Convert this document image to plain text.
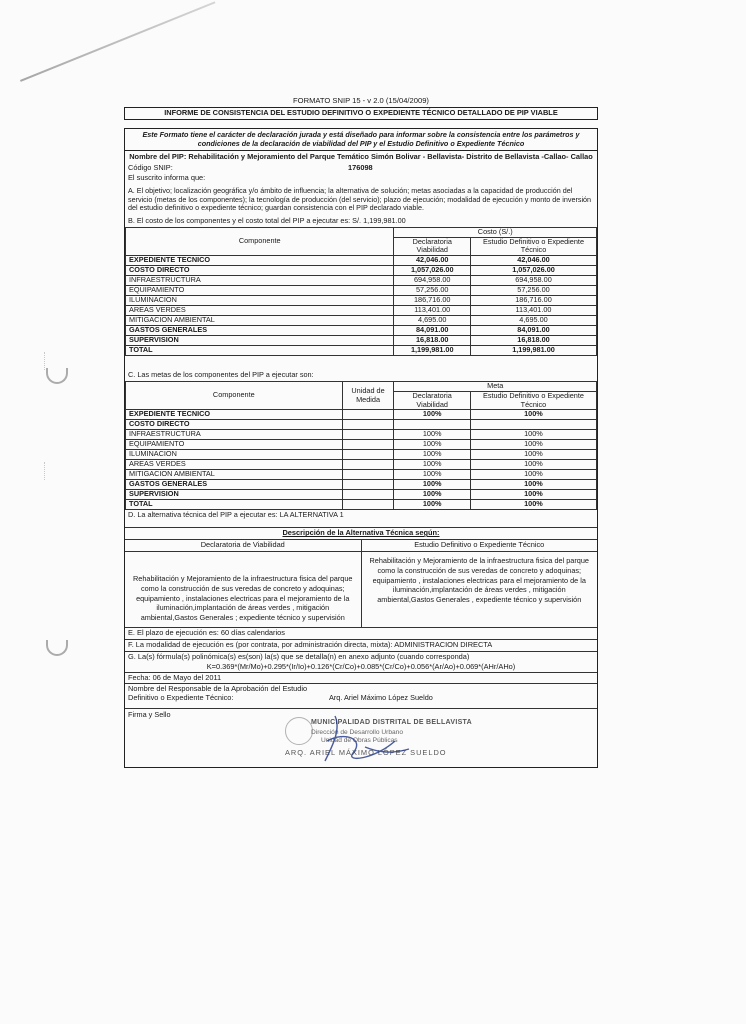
FORMATO SNIP 15 - v 2.0 (15/04/2009)
INFORME DE CONSISTENCIA DEL ESTUDIO DEFINITIVO O EXPEDIENTE TÉCNICO DETALLADO DE PIP VIABLE
Este Formato tiene el carácter de declaración jurada y está diseñado para informar sobre la consistencia entre los parámetros y condiciones de la declaración de viabilidad del PIP y el Estudio Definitivo o Expediente Técnico
Nombre del PIP: Rehabilitación y Mejoramiento del Parque Temático Simón Bolivar - Bellavista- Distrito de Bellavista -Callao- Callao
Código SNIP:	176098
El suscrito informa que:
A. El objetivo; localización geográfica y/o ámbito de influencia; la alternativa de solución; metas asociadas a la capacidad de producción del servicio (metas de los componentes); la tecnología de producción (del servicio); plazo de ejecución; modalidad de ejecución y monto de inversión del estudio definitivo o expediente técnico; guardan consistencia con el PIP declarado viable.
B. El costo de los componentes y el costo total del PIP a ejecutar es: S/. 1,199,981.00
Componente	Costo (S/.)	
	Declaratoria Viabilidad	Estudio Definitivo o Expediente Técnico
EXPEDIENTE TECNICO	42,046.00	42,046.00
COSTO DIRECTO	1,057,026.00	1,057,026.00
INFRAESTRUCTURA	694,958.00	694,958.00
EQUIPAMIENTO	57,256.00	57,256.00
ILUMINACION	186,716.00	186,716.00
AREAS VERDES	113,401.00	113,401.00
MITIGACION AMBIENTAL	4,695.00	4,695.00
GASTOS GENERALES	84,091.00	84,091.00
SUPERVISION	16,818.00	16,818.00
TOTAL	1,199,981.00	1,199,981.00
C. Las metas de los componentes del PIP a ejecutar son:
Componente	Unidad de Medida	Meta	
		Declaratoria Viabilidad	Estudio Definitivo o Expediente Técnico
EXPEDIENTE TECNICO		100%	100%
COSTO DIRECTO			
INFRAESTRUCTURA		100%	100%
EQUIPAMIENTO		100%	100%
ILUMINACION		100%	100%
AREAS VERDES		100%	100%
MITIGACION AMBIENTAL		100%	100%
GASTOS GENERALES		100%	100%
SUPERVISION		100%	100%
TOTAL		100%	100%
D. La alternativa técnica del PIP a ejecutar es: LA ALTERNATIVA 1
Descripción de la Alternativa Técnica según:
Declaratoria de Viabilidad
Rehabilitación y Mejoramiento de la infraestructura fisica del parque como la construcción de sus veredas de concreto y adoquinas; equipamiento , instalaciones electricas para el mejoramiento de la iluminación,implantación de áreas verdes , mitigación ambiental,Gastos Generales ; expediente técnico y supervisión
Estudio Definitivo o Expediente Técnico
Rehabilitación y Mejoramiento de la infraestructura fisica del parque como la construcción de sus veredas de concreto y adoquinas; equipamiento , instalaciones electricas para el mejoramiento de la iluminación,implantación de áreas verdes , mitigación ambiental,Gastos Generales , expediente técnico y supervisión
E. El plazo de ejecución es: 60 días calendarios
F. La modalidad de ejecución es (por contrata, por administración directa, mixta): ADMINISTRACION DIRECTA
G. La(s) fórmula(s) polinómica(s) es(son) la(s) que se detalla(n) en anexo adjunto (cuando corresponda)
K=0.369*(Mr/Mo)+0.295*(Ir/Io)+0.126*(Cr/Co)+0.085*(Cr/Co)+0.056*(Ar/Ao)+0.069*(AHr/AHo)
Fecha: 06 de Mayo del 2011
Nombre del Responsable de la Aprobación del Estudio Definitivo o Expediente Técnico:	Arq. Ariel Máximo López Sueldo
Firma y Sello
MUNICIPALIDAD DISTRITAL DE BELLAVISTA
Dirección de Desarrollo Urbano
Unidad de Obras Públicas
ARQ. ARIEL MÁXIMO LÓPEZ SUELDO
